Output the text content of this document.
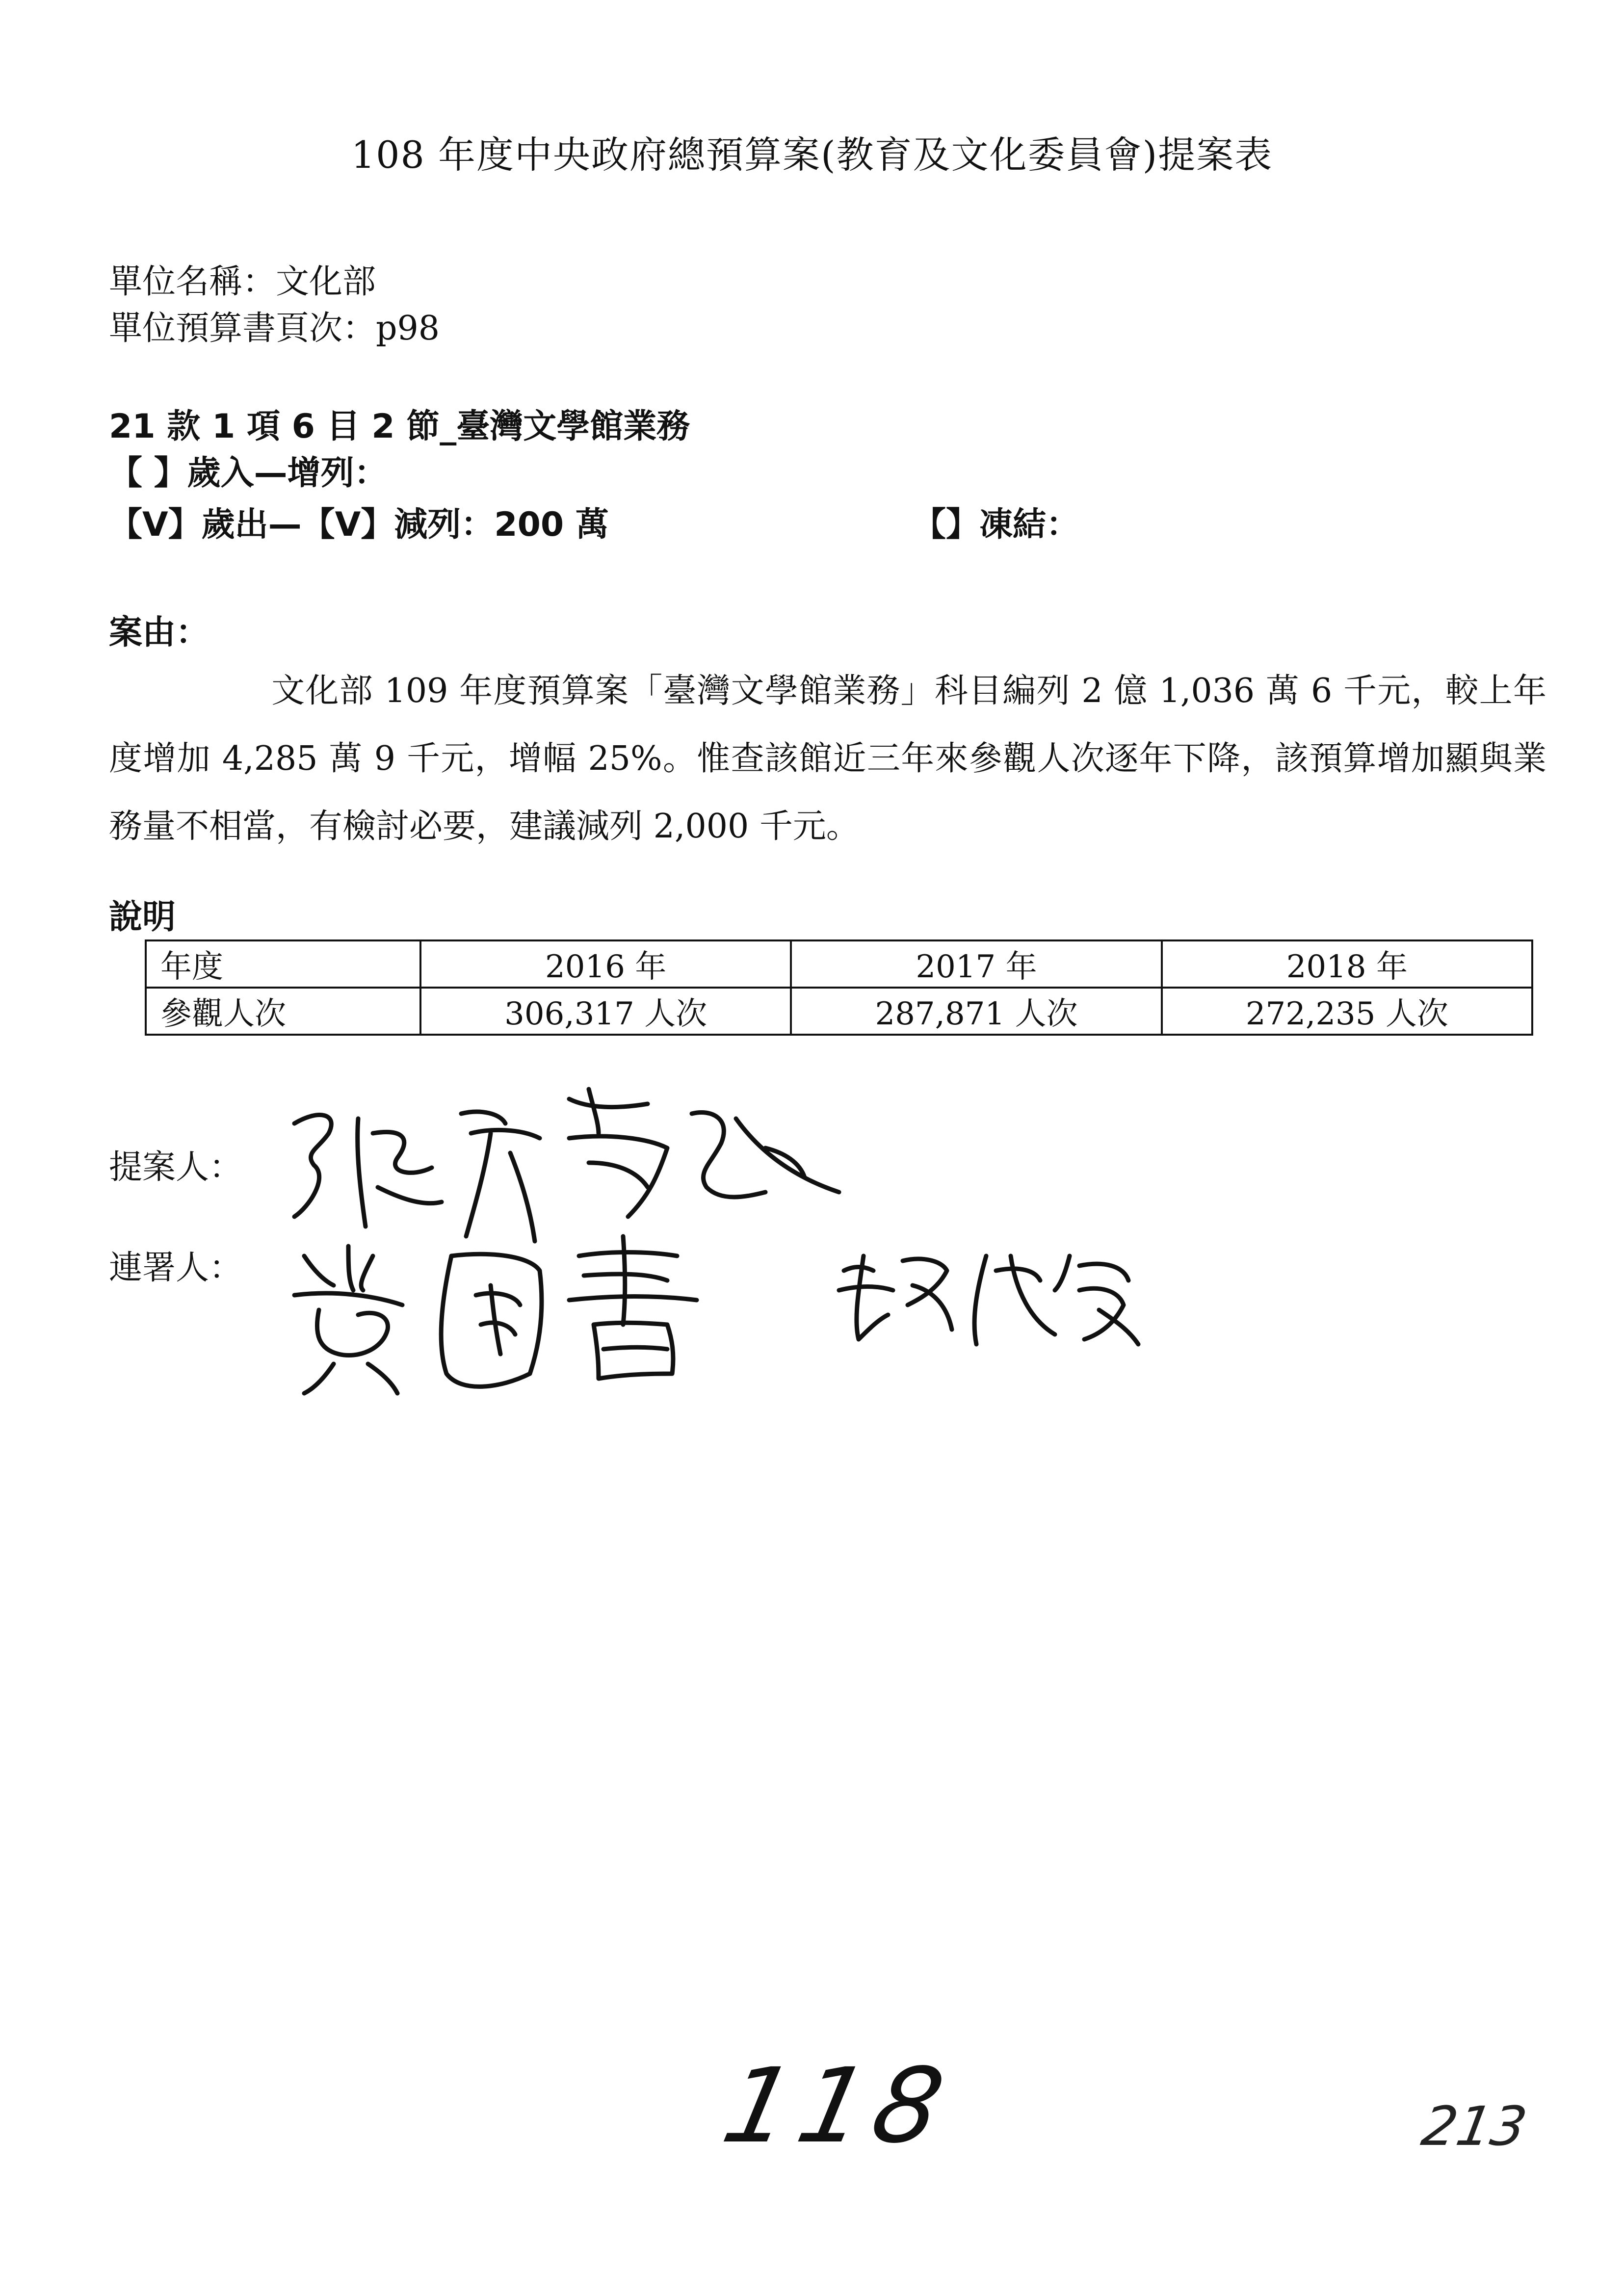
108 年度中央政府總預算案(教育及文化委員會)提案表
單位名稱：文化部
單位預算書頁次：p98
21 款 1 項 6 目 2 節_臺灣文學館業務
【 】歲入—增列：
【V】歲出—【V】減列：200 萬	【】凍結：
案由：
文化部 109 年度預算案「臺灣文學館業務」科目編列 2 億 1,036 萬 6 千元，較上年度增加 4,285 萬 9 千元，增幅 25%。惟查該館近三年來參觀人次逐年下降，該預算增加顯與業務量不相當，有檢討必要，建議減列 2,000 千元。
說明
年度	2016 年	2017 年	2018 年
參觀人次	306,317 人次	287,871 人次	272,235 人次
提案人：
連署人：
118	213
